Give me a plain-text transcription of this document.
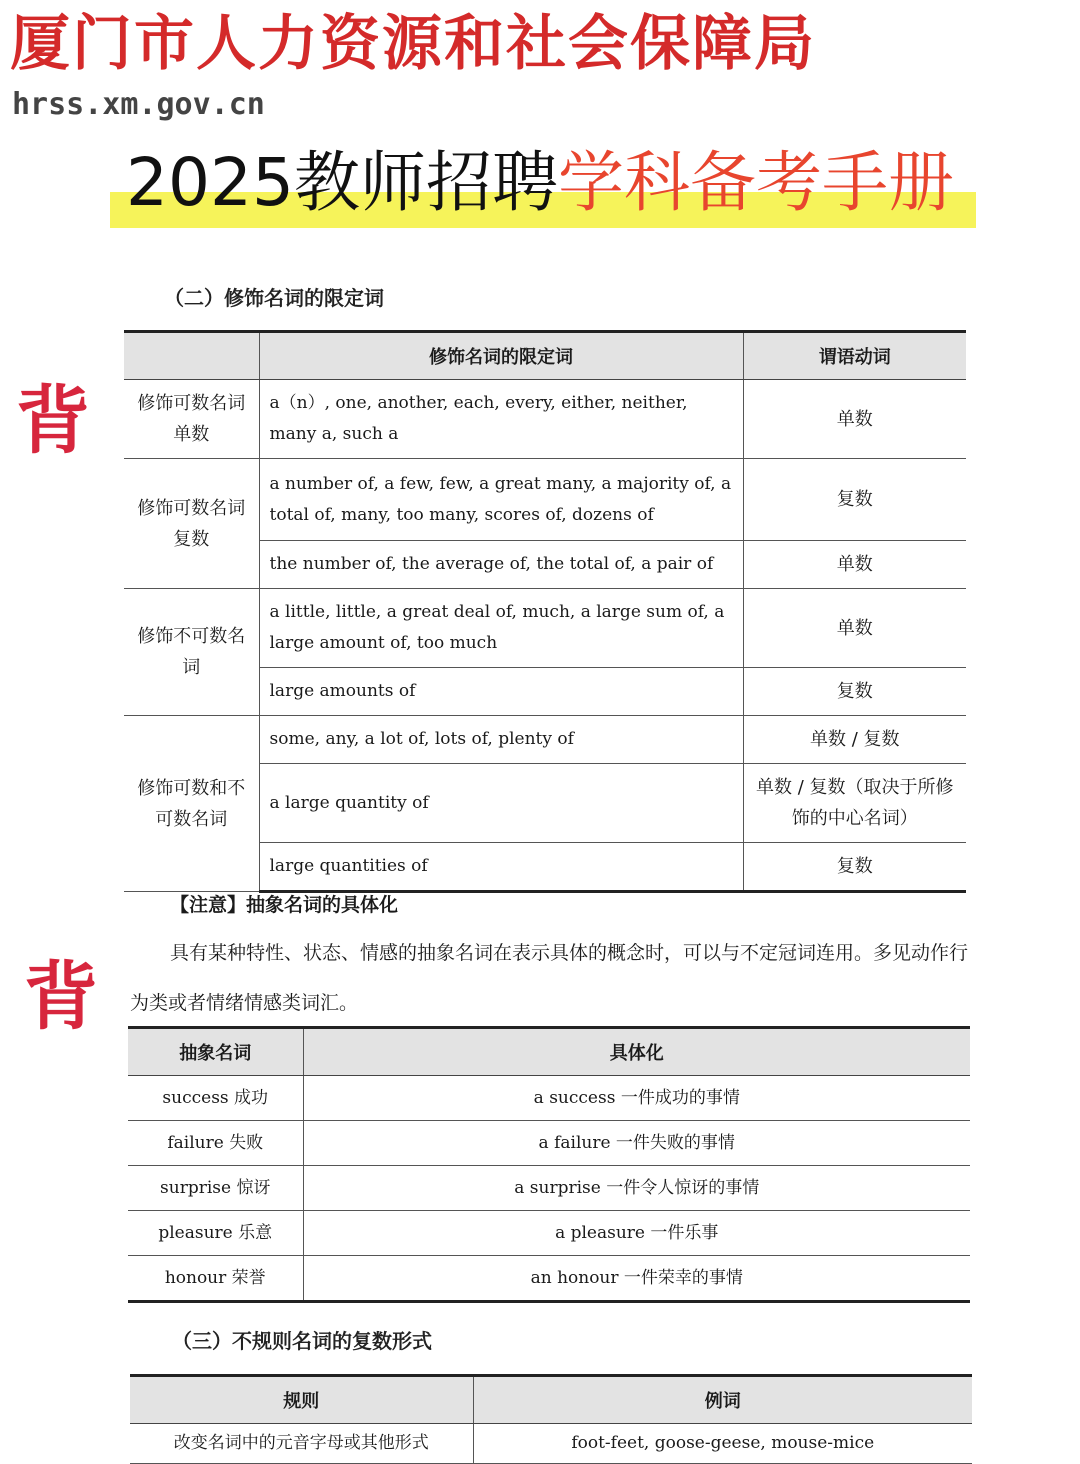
厦门市人力资源和社会保障局
hrss.xm.gov.cn
2025教师招聘学科备考手册
背
背
（二）修饰名词的限定词
	修饰名词的限定词	谓语动词
修饰可数名词单数	a（n）, one, another, each, every, either, neither, many a, such a	单数
修饰可数名词复数	a number of, a few, few, a great many, a majority of, a total of, many, too many, scores of, dozens of	复数
	the number of, the average of, the total of, a pair of	单数
修饰不可数名词	a little, little, a great deal of, much, a large sum of, a large amount of, too much	单数
	large amounts of	复数
修饰可数和不可数名词	some, any, a lot of, lots of, plenty of	单数 / 复数
	a large quantity of	单数 / 复数（取决于所修饰的中心名词）
	large quantities of	复数
【注意】抽象名词的具体化
具有某种特性、状态、情感的抽象名词在表示具体的概念时，可以与不定冠词连用。多见动作行为类或者情绪情感类词汇。
抽象名词	具体化
success 成功	a success 一件成功的事情
failure 失败	a failure 一件失败的事情
surprise 惊讶	a surprise 一件令人惊讶的事情
pleasure 乐意	a pleasure 一件乐事
honour 荣誉	an honour 一件荣幸的事情
（三）不规则名词的复数形式
规则	例词
改变名词中的元音字母或其他形式	foot-feet, goose-geese, mouse-mice
